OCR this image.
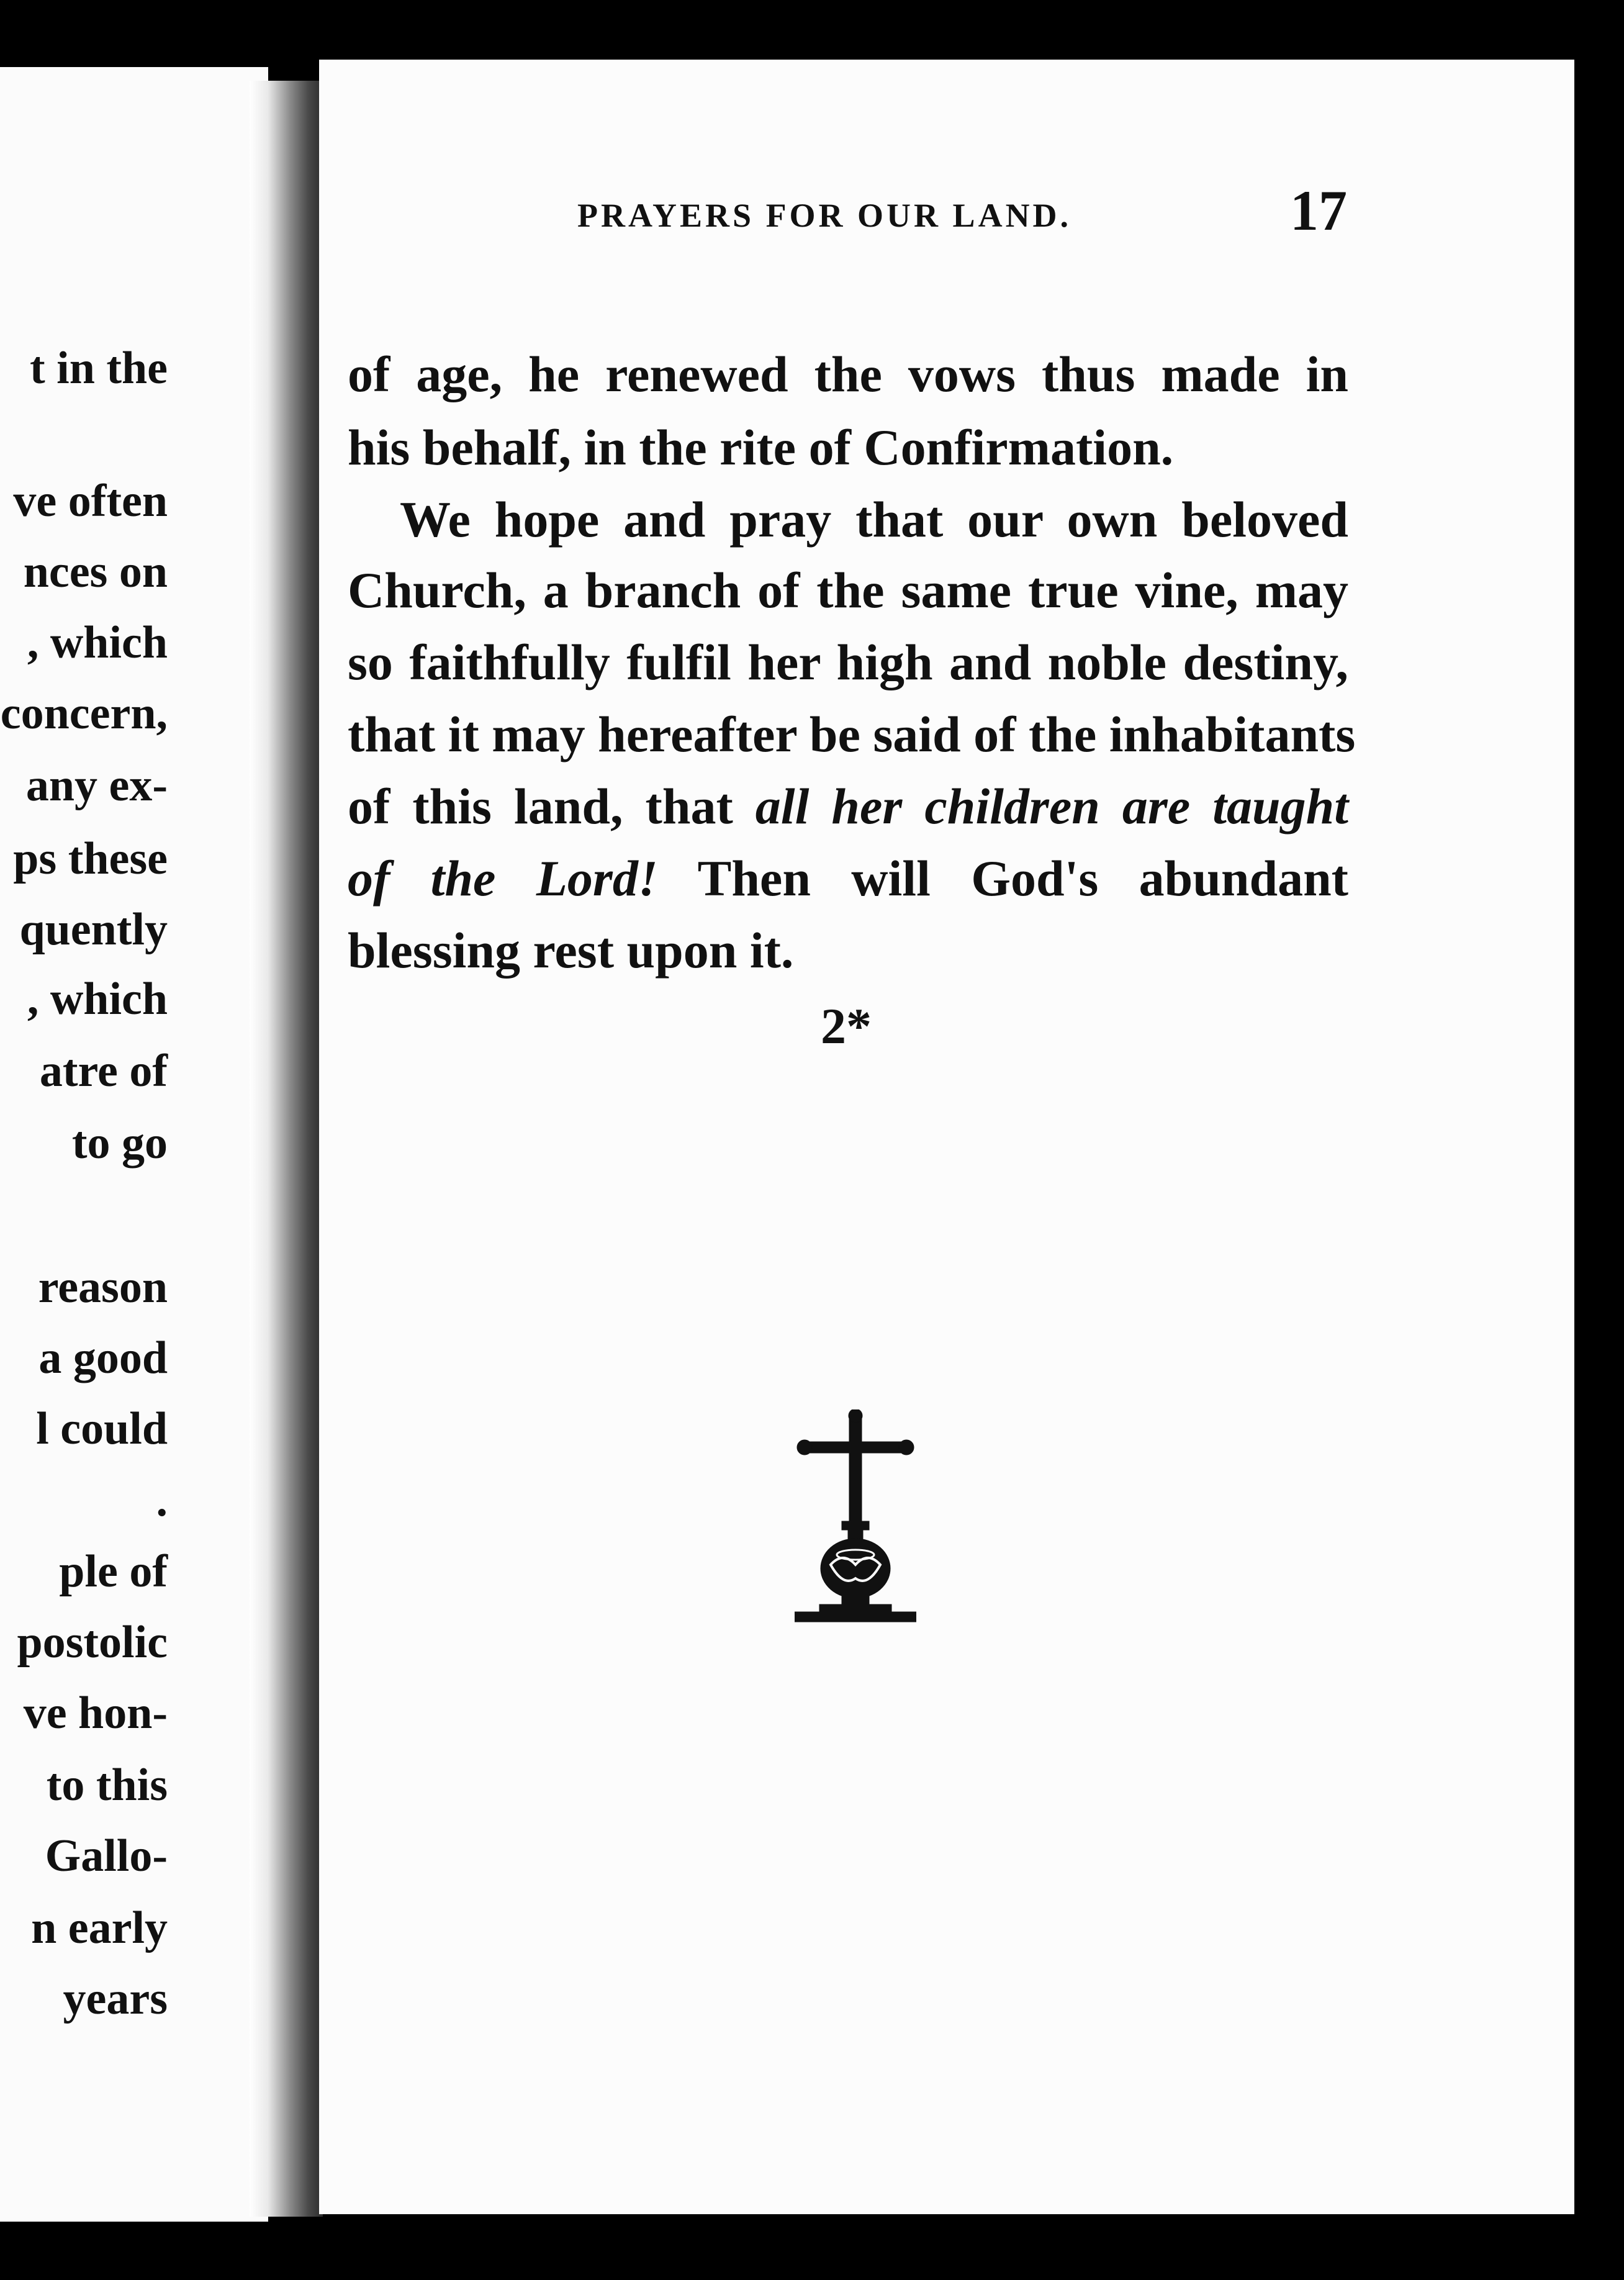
t in the
ve often
nces on
, which
concern,
any ex-
ps these
quently
, which
atre of
to go
reason
a good
l could
.
ple of
postolic
ve hon-
to this
Gallo-
n early
years
PRAYERS FOR OUR LAND.	17
of age, he renewed the vows thus made in
his behalf, in the rite of Confirmation.
We hope and pray that our own beloved
Church, a branch of the same true vine, may
so faithfully fulfil her high and noble destiny,
that it may hereafter be said of the inhabitants
of this land, that all her children are taught
of the Lord! Then will God's abundant
blessing rest upon it.
2*
